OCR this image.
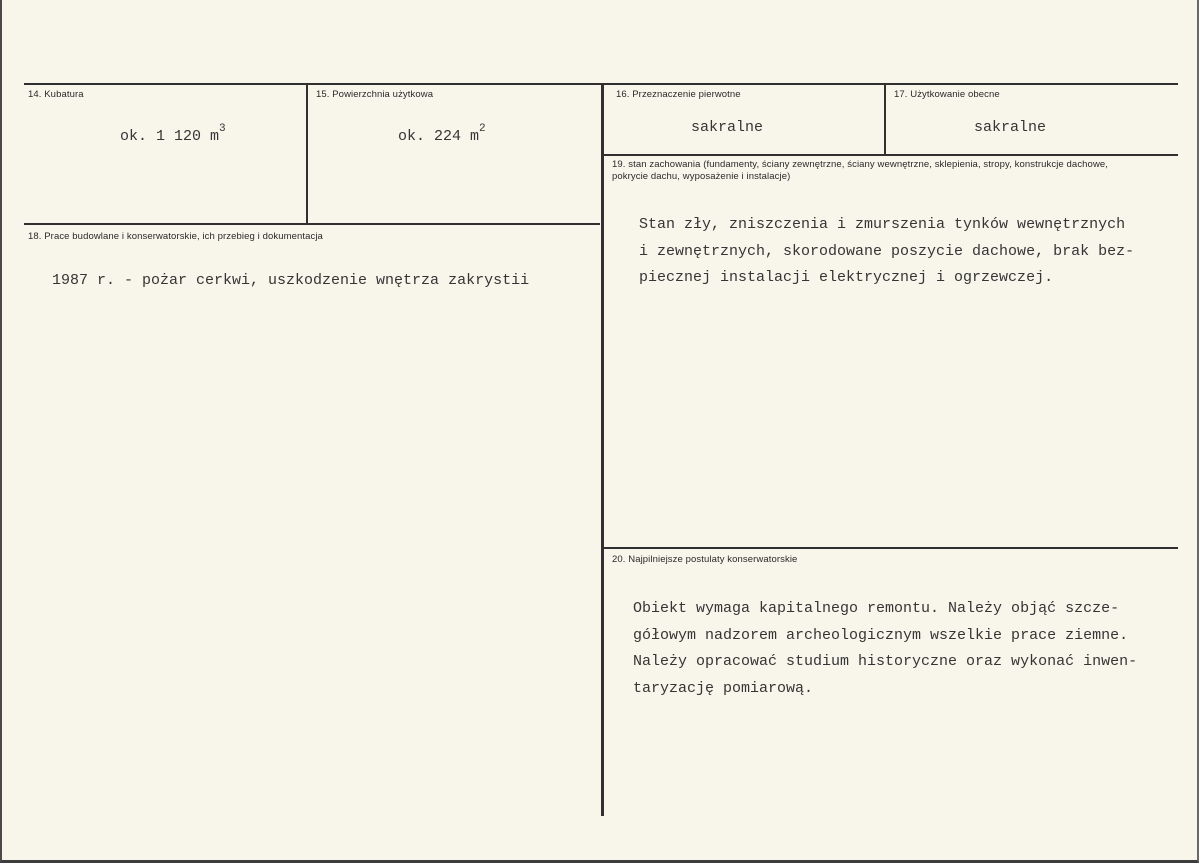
14. Kubatura
ok. 1 120 $m^3$
15. Powierzchnia użytkowa
ok. 224 $m^2$
16. Przeznaczenie pierwotne
sakralne
17. Użytkowanie obecne
sakralne
18. Prace budowlane i konserwatorskie, ich przebieg i dokumentacja
1987 r. - pożar cerkwi, uszkodzenie wnętrza zakrystii
19. stan zachowania (fundamenty, ściany zewnętrzne, ściany wewnętrzne, sklepienia, stropy, konstrukcje dachowe, pokrycie dachu, wyposażenie i instalacje)
Stan zły, zniszczenia i zmurszenia tynków wewnętrznych
i zewnętrznych, skorodowane poszycie dachowe, brak bez-
piecznej instalacji elektrycznej i ogrzewczej.
20. Najpilniejsze postulaty konserwatorskie
Obiekt wymaga kapitalnego remontu. Należy objąć szcze-
gółowym nadzorem archeologicznym wszelkie prace ziemne.
Należy opracować studium historyczne oraz wykonać inwen-
taryzację pomiarową.
